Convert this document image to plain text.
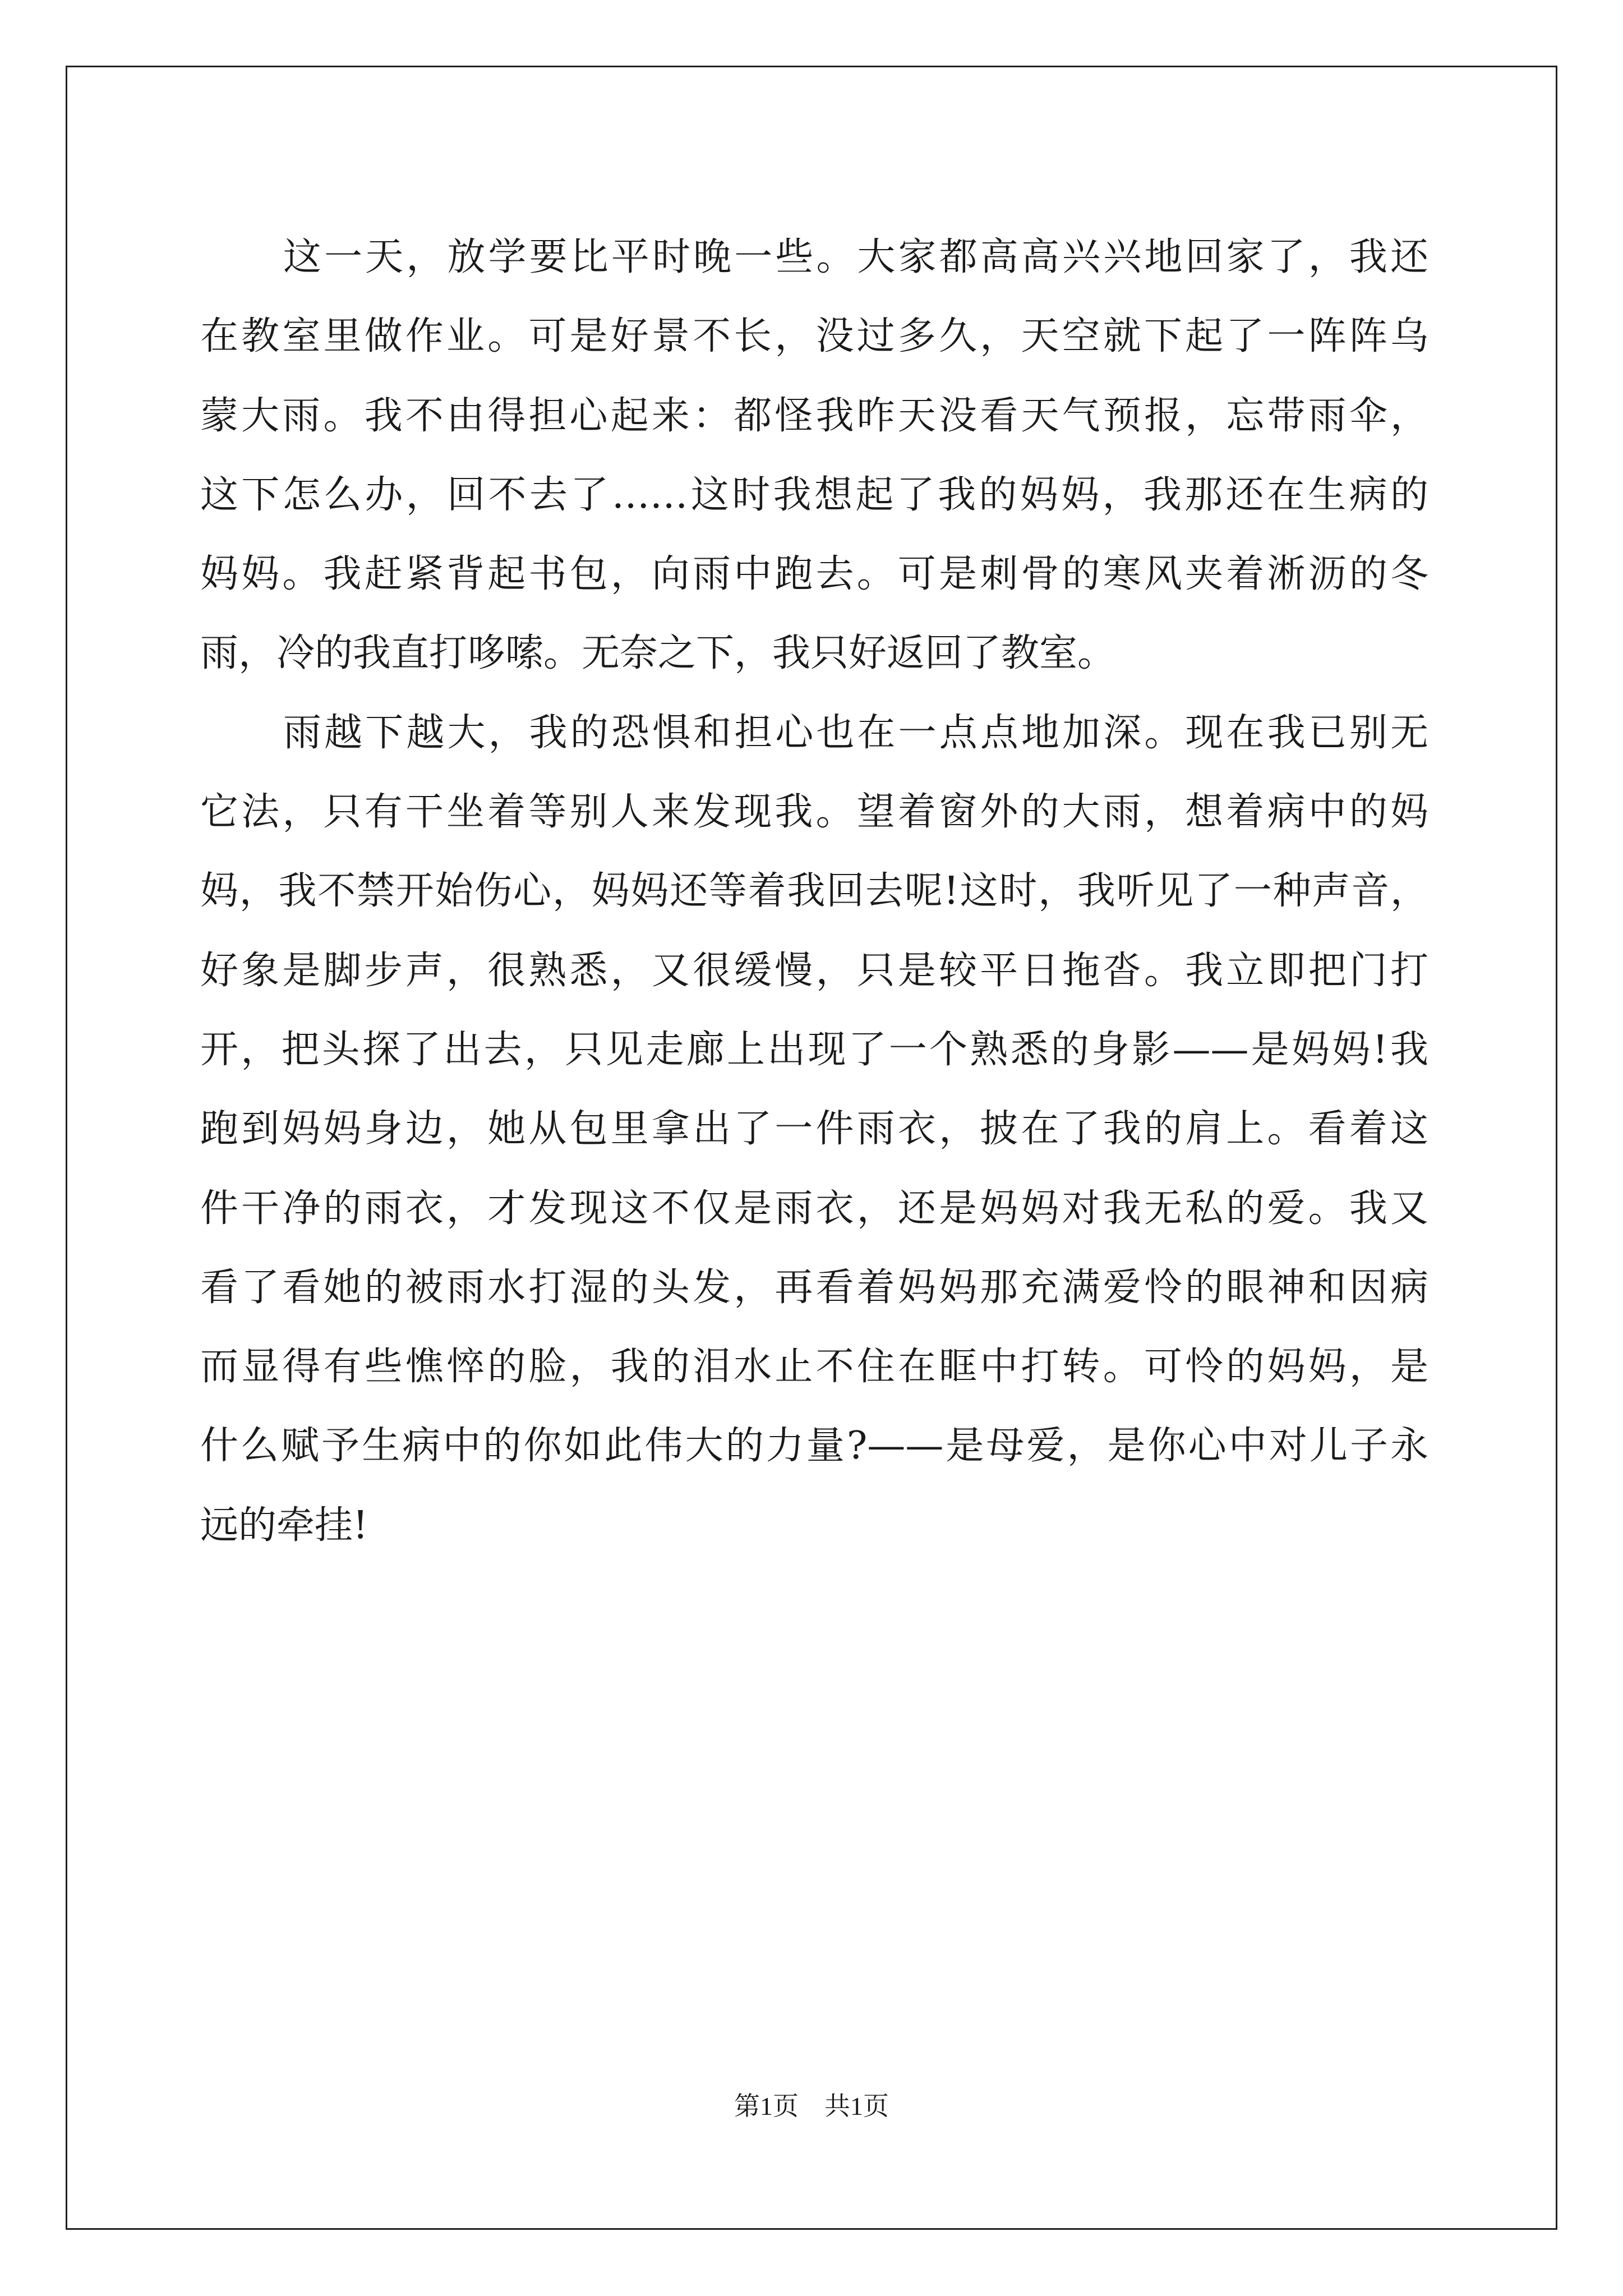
这一天，放学要比平时晚一些。大家都高高兴兴地回家了，我还
在教室里做作业。可是好景不长，没过多久，天空就下起了一阵阵乌
蒙大雨。我不由得担心起来：都怪我昨天没看天气预报，忘带雨伞，
这下怎么办，回不去了……这时我想起了我的妈妈，我那还在生病的
妈妈。我赶紧背起书包，向雨中跑去。可是刺骨的寒风夹着淅沥的冬
雨，冷的我直打哆嗦。无奈之下，我只好返回了教室。
雨越下越大，我的恐惧和担心也在一点点地加深。现在我已别无
它法，只有干坐着等别人来发现我。望着窗外的大雨，想着病中的妈
妈，我不禁开始伤心，妈妈还等着我回去呢!这时，我听见了一种声音，
好象是脚步声，很熟悉，又很缓慢，只是较平日拖沓。我立即把门打
开，把头探了出去，只见走廊上出现了一个熟悉的身影——是妈妈!我
跑到妈妈身边，她从包里拿出了一件雨衣，披在了我的肩上。看着这
件干净的雨衣，才发现这不仅是雨衣，还是妈妈对我无私的爱。我又
看了看她的被雨水打湿的头发，再看着妈妈那充满爱怜的眼神和因病
而显得有些憔悴的脸，我的泪水止不住在眶中打转。可怜的妈妈，是
什么赋予生病中的你如此伟大的力量?——是母爱，是你心中对儿子永
远的牵挂!
第1页 共1页
